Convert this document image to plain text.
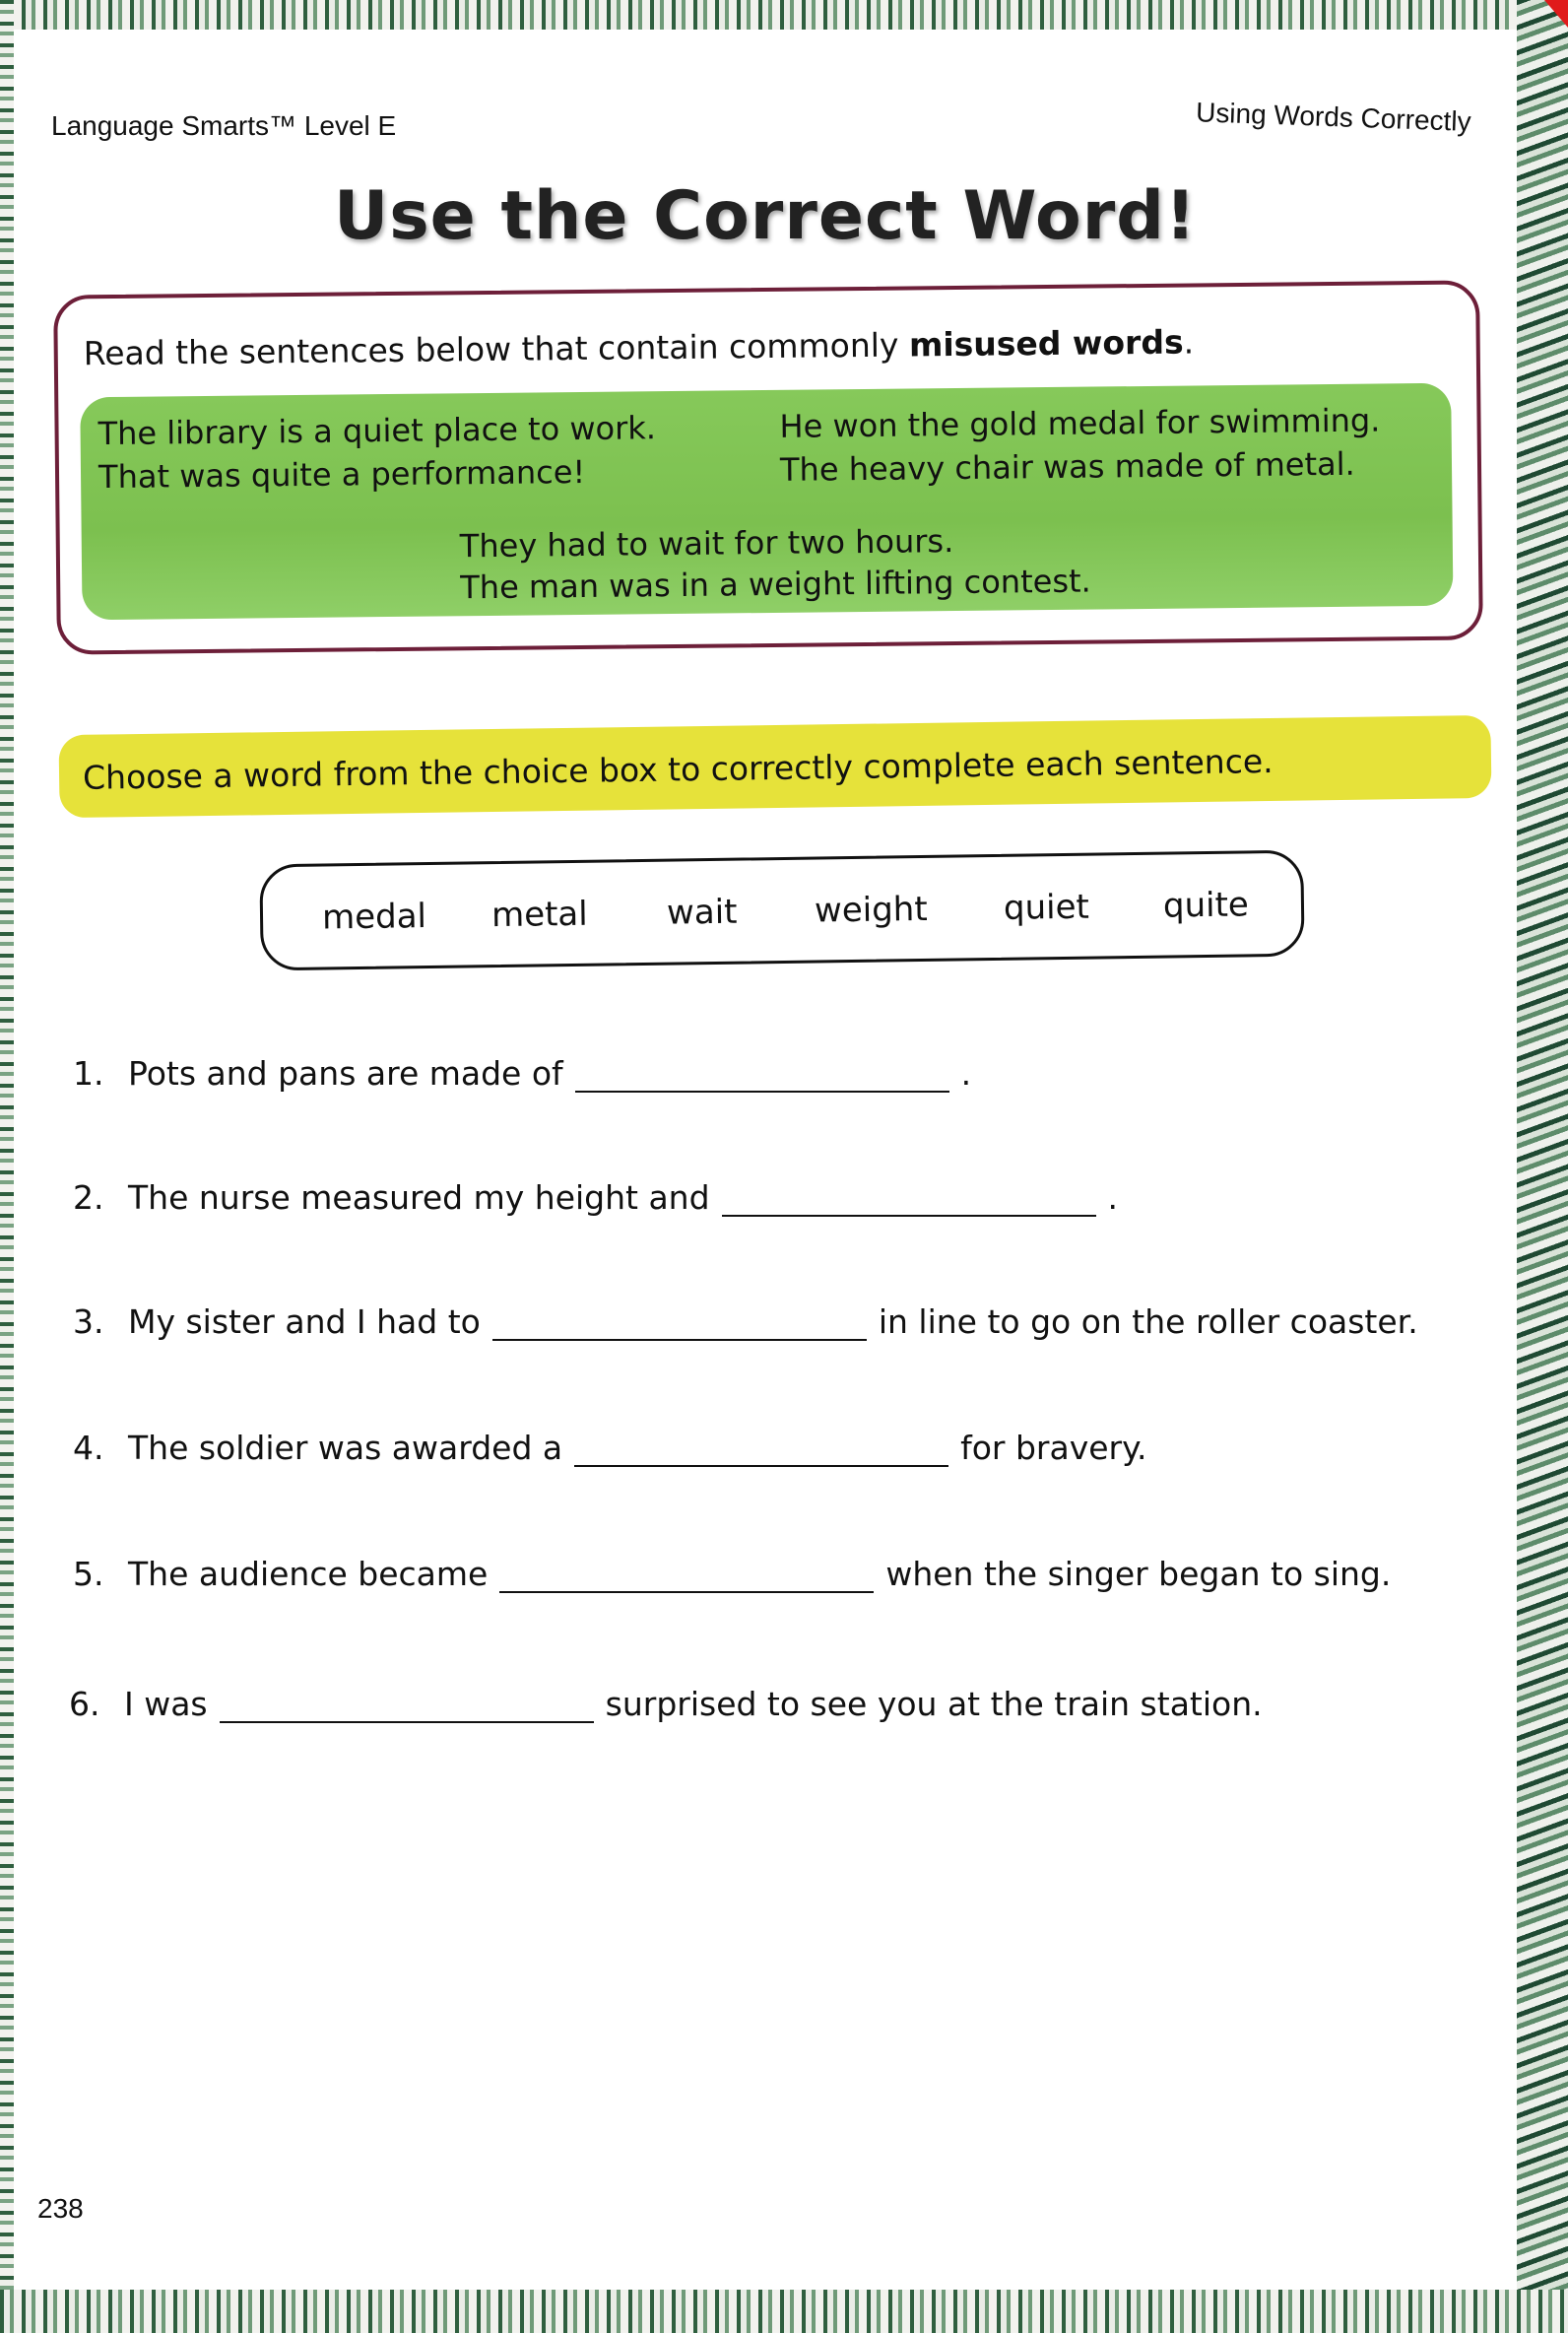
Language Smarts™ Level E	Using Words Correctly
Use the Correct Word!
Read the sentences below that contain commonly misused words.
The library is a quiet place to work.
That was quite a performance!
He won the gold medal for swimming.
The heavy chair was made of metal.
They had to wait for two hours.
The man was in a weight lifting contest.
Choose a word from the choice box to correctly complete each sentence.
medal metal wait weight quiet quite
1. Pots and pans are made of	.
2. The nurse measured my height and	.
3. My sister and I had to	in line to go on the roller coaster.
4. The soldier was awarded a	for bravery.
5. The audience became	when the singer began to sing.
6. I was	surprised to see you at the train station.
238
